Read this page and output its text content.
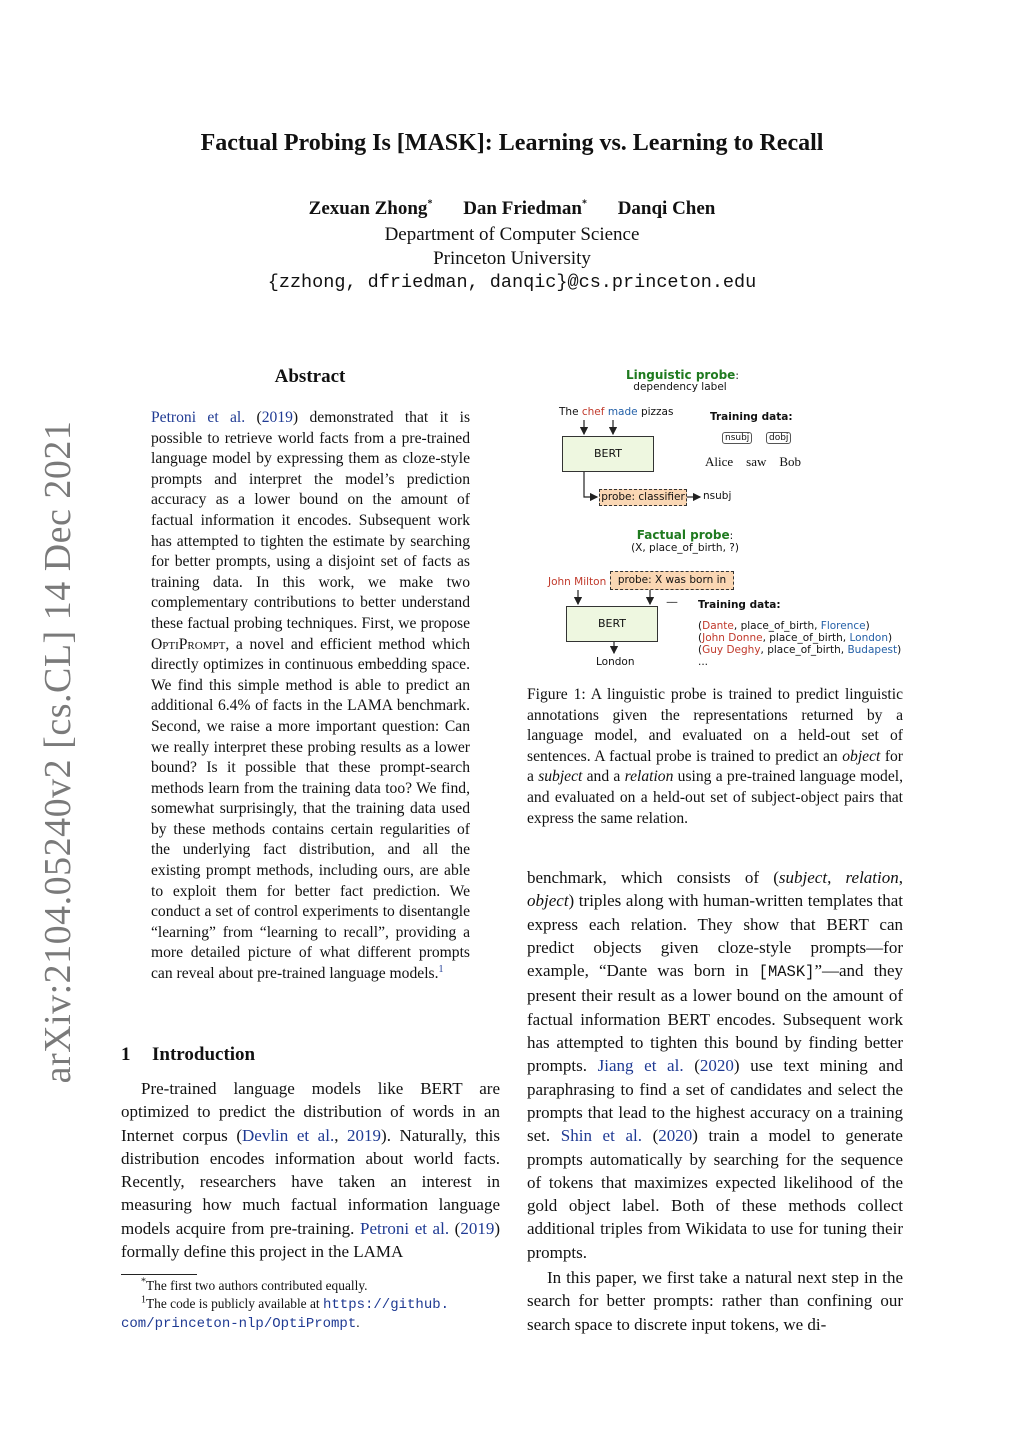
arXiv:2104.05240v2 [cs.CL] 14 Dec 2021
Factual Probing Is [MASK]: Learning vs. Learning to Recall
Zexuan Zhong* Dan Friedman* Danqi Chen
Department of Computer Science
Princeton University
{zzhong, dfriedman, danqic}@cs.princeton.edu
Abstract
Petroni et al. (2019) demonstrated that it is possible to retrieve world facts from a pre-trained language model by expressing them as cloze-style prompts and interpret the model’s prediction accuracy as a lower bound on the amount of factual information it encodes. Subsequent work has attempted to tighten the estimate by searching for better prompts, using a disjoint set of facts as training data. In this work, we make two complementary contributions to better understand these factual probing techniques. First, we propose OptiPrompt, a novel and efficient method which directly optimizes in continuous embedding space. We find this simple method is able to predict an additional 6.4% of facts in the LAMA benchmark. Second, we raise a more important question: Can we really interpret these probing results as a lower bound? Is it possible that these prompt-search methods learn from the training data too? We find, somewhat surprisingly, that the training data used by these methods contains certain regularities of the underlying fact distribution, and all the existing prompt methods, including ours, are able to exploit them for better fact prediction. We conduct a set of control experiments to disentangle “learning” from “learning to recall”, providing a more detailed picture of what different prompts can reveal about pre-trained language models.$^1$
1 Introduction
Pre-trained language models like BERT are optimized to predict the distribution of words in an Internet corpus (Devlin et al., 2019). Naturally, this distribution encodes information about world facts. Recently, researchers have taken an interest in measuring how much factual information language models acquire from pre-training. Petroni et al. (2019) formally define this project in the LAMA
*The first two authors contributed equally.
$^1$The code is publicly available at https://github.
com/princeton-nlp/OptiPrompt.
Linguistic probe:
dependency label
The chef made pizzas
BERT
probe: classifier nsubj
Training data:
nsubj	dobj
Alice saw Bob
Factual probe:
(X, place_of_birth, ?)
John Milton	probe: X was born in __
BERT
London
Training data:
(Dante, place_of_birth, Florence)
(John Donne, place_of_birth, London)
(Guy Deghy, place_of_birth, Budapest)
...
Figure 1: A linguistic probe is trained to predict linguistic annotations given the representations returned by a language model, and evaluated on a held-out set of sentences. A factual probe is trained to predict an object for a subject and a relation using a pre-trained language model, and evaluated on a held-out set of subject-object pairs that express the same relation.

benchmark, which consists of (subject, relation, object) triples along with human-written templates that express each relation. They show that BERT can predict objects given cloze-style prompts—for example, “Dante was born in [MASK]”—and they present their result as a lower bound on the amount of factual information BERT encodes. Subsequent work has attempted to tighten this bound by finding better prompts. Jiang et al. (2020) use text mining and paraphrasing to find a set of candidates and select the prompts that lead to the highest accuracy on a training set. Shin et al. (2020) train a model to generate prompts automatically by searching for the sequence of tokens that maximizes expected likelihood of the gold object label. Both of these methods collect additional triples from Wikidata to use for tuning their prompts.

In this paper, we first take a natural next step in the search for better prompts: rather than confining our search space to discrete input tokens, we di-
